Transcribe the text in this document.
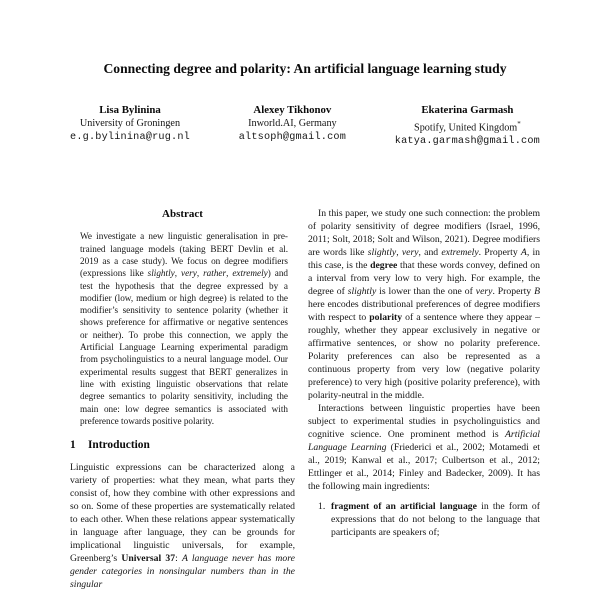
Connecting degree and polarity: An artificial language learning study
Lisa Bylinina
University of Groningen
e.g.bylinina@rug.nl
Alexey Tikhonov
Inworld.AI, Germany
altsoph@gmail.com
Ekaterina Garmash
Spotify, United Kingdom*
katya.garmash@gmail.com
Abstract

We investigate a new linguistic generalisation in pre-trained language models (taking BERT Devlin et al. 2019 as a case study). We focus on degree modifiers (expressions like slightly, very, rather, extremely) and test the hypothesis that the degree expressed by a modifier (low, medium or high degree) is related to the modifier’s sensitivity to sentence polarity (whether it shows preference for affirmative or negative sentences or neither). To probe this connection, we apply the Artificial Language Learning experimental paradigm from psycholinguistics to a neural language model. Our experimental results suggest that BERT generalizes in line with existing linguistic observations that relate degree semantics to polarity sensitivity, including the main one: low degree semantics is associated with preference towards positive polarity.

1 Introduction

Linguistic expressions can be characterized along a variety of properties: what they mean, what parts they consist of, how they combine with other expressions and so on. Some of these properties are systematically related to each other. When these relations appear systematically in language after language, they can be grounds for implicational linguistic universals, for example, Greenberg’s Universal 37: A language never has more gender categories in nonsingular numbers than in the singular

In this paper, we study one such connection: the problem of polarity sensitivity of degree modifiers (Israel, 1996, 2011; Solt, 2018; Solt and Wilson, 2021). Degree modifiers are words like slightly, very, and extremely. Property A, in this case, is the degree that these words convey, defined on a interval from very low to very high. For example, the degree of slightly is lower than the one of very. Property B here encodes distributional preferences of degree modifiers with respect to polarity of a sentence where they appear – roughly, whether they appear exclusively in negative or affirmative sentences, or show no polarity preference. Polarity preferences can also be represented as a continuous property from very low (negative polarity preference) to very high (positive polarity preference), with polarity-neutral in the middle.

Interactions between linguistic properties have been subject to experimental studies in psycholinguistics and cognitive science. One prominent method is Artificial Language Learning (Friederici et al., 2002; Motamedi et al., 2019; Kanwal et al., 2017; Culbertson et al., 2012; Ettlinger et al., 2014; Finley and Badecker, 2009). It has the following main ingredients:

1. fragment of an artificial language in the form of expressions that do not belong to the language that participants are speakers of;
